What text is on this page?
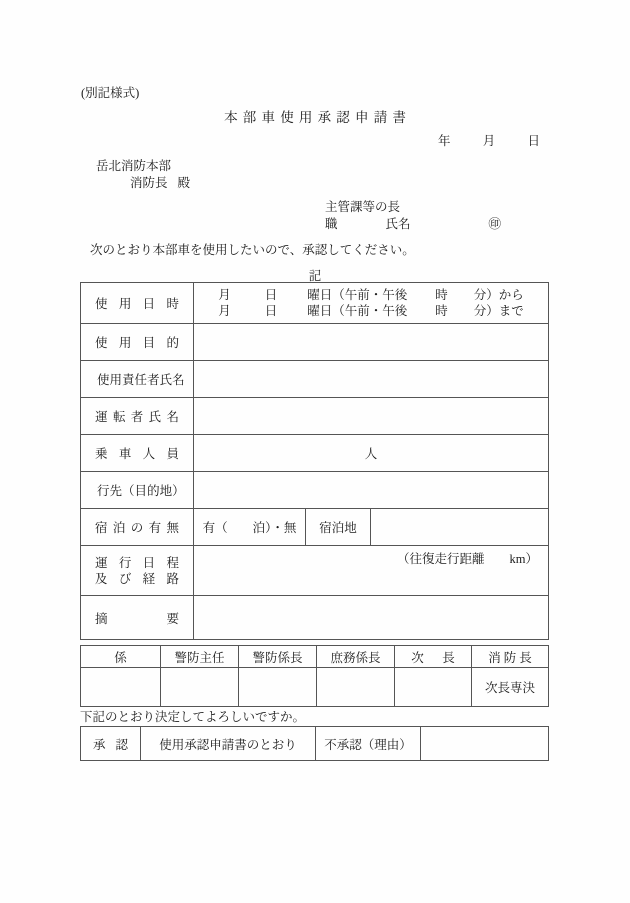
(別記様式)
本部車使用承認申請書
年	月	日
岳北消防本部
消防長 殿
主管課等の長
職	氏名	㊞
次のとおり本部車を使用したいので、承認してください。
記
使 用 日 時	月 日 曜日（午前・午後 時 分）から
月 日 曜日（午前・午後 時 分）まで		

使 用 目 的			

使 用 責 任 者 氏 名

運 転 者 氏 名			

乗 車 人 員	人		

行 先 （ 目 的 地 ）

宿 泊 の 有 無	有（　　泊）・無	宿泊地	

運 行 日 程
及 び 経 路

（往復走行距離　　km）

摘 要			

係	警防主任	警防係長	庶務係長	次　長	消防長
					次長専決
下記のとおり決定してよろしいですか。
承認	使用承認申請書のとおり	不承認（理由）	
